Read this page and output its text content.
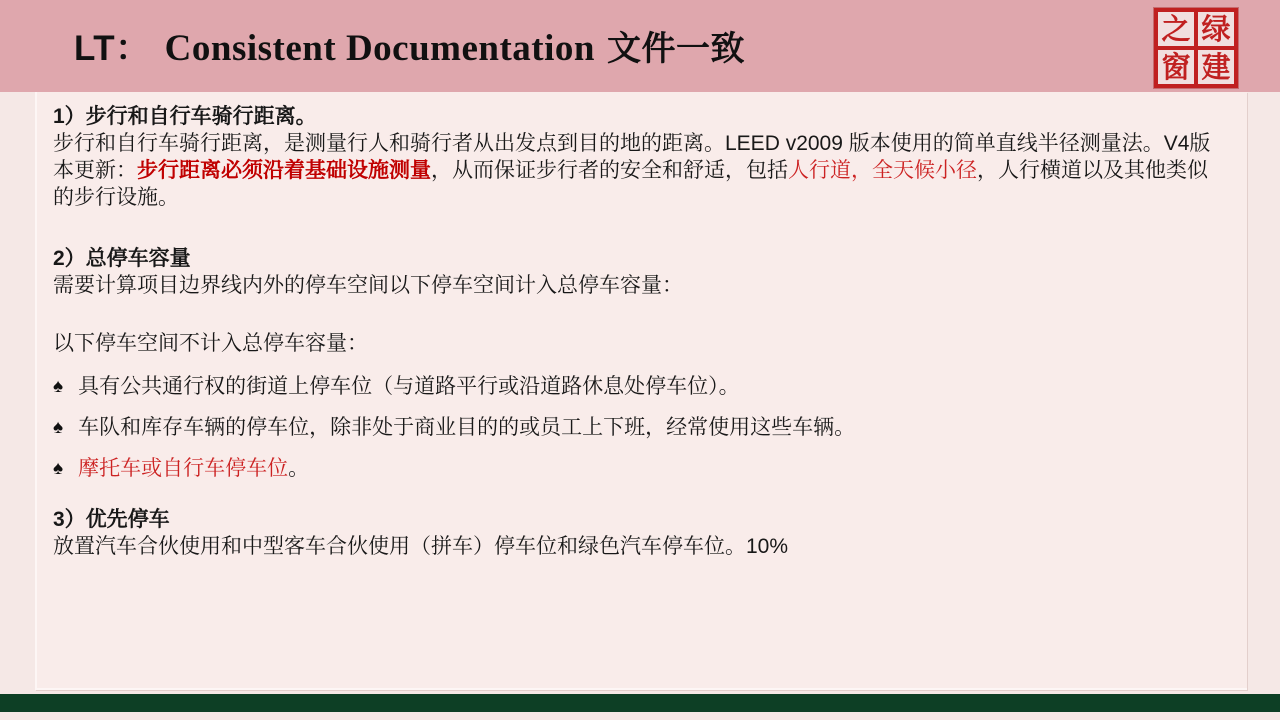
LT： Consistent Documentation 文件一致
之 绿
窗 建

1）步行和自行车骑行距离。

步行和自行车骑行距离，是测量行人和骑行者从出发点到目的地的距离。LEED v2009 版本使用的简单直线半径测量法。V4版本更新：步行距离必须沿着基础设施测量，从而保证步行者的安全和舒适，包括人行道，全天候小径，人行横道以及其他类似的步行设施。

2）总停车容量

需要计算项目边界线内外的停车空间以下停车空间计入总停车容量：

以下停车空间不计入总停车容量：

♠ 具有公共通行权的街道上停车位（与道路平行或沿道路休息处停车位）。
♠ 车队和库存车辆的停车位，除非处于商业目的的或员工上下班，经常使用这些车辆。
♠ 摩托车或自行车停车位。

3）优先停车

放置汽车合伙使用和中型客车合伙使用（拼车）停车位和绿色汽车停车位。10%
